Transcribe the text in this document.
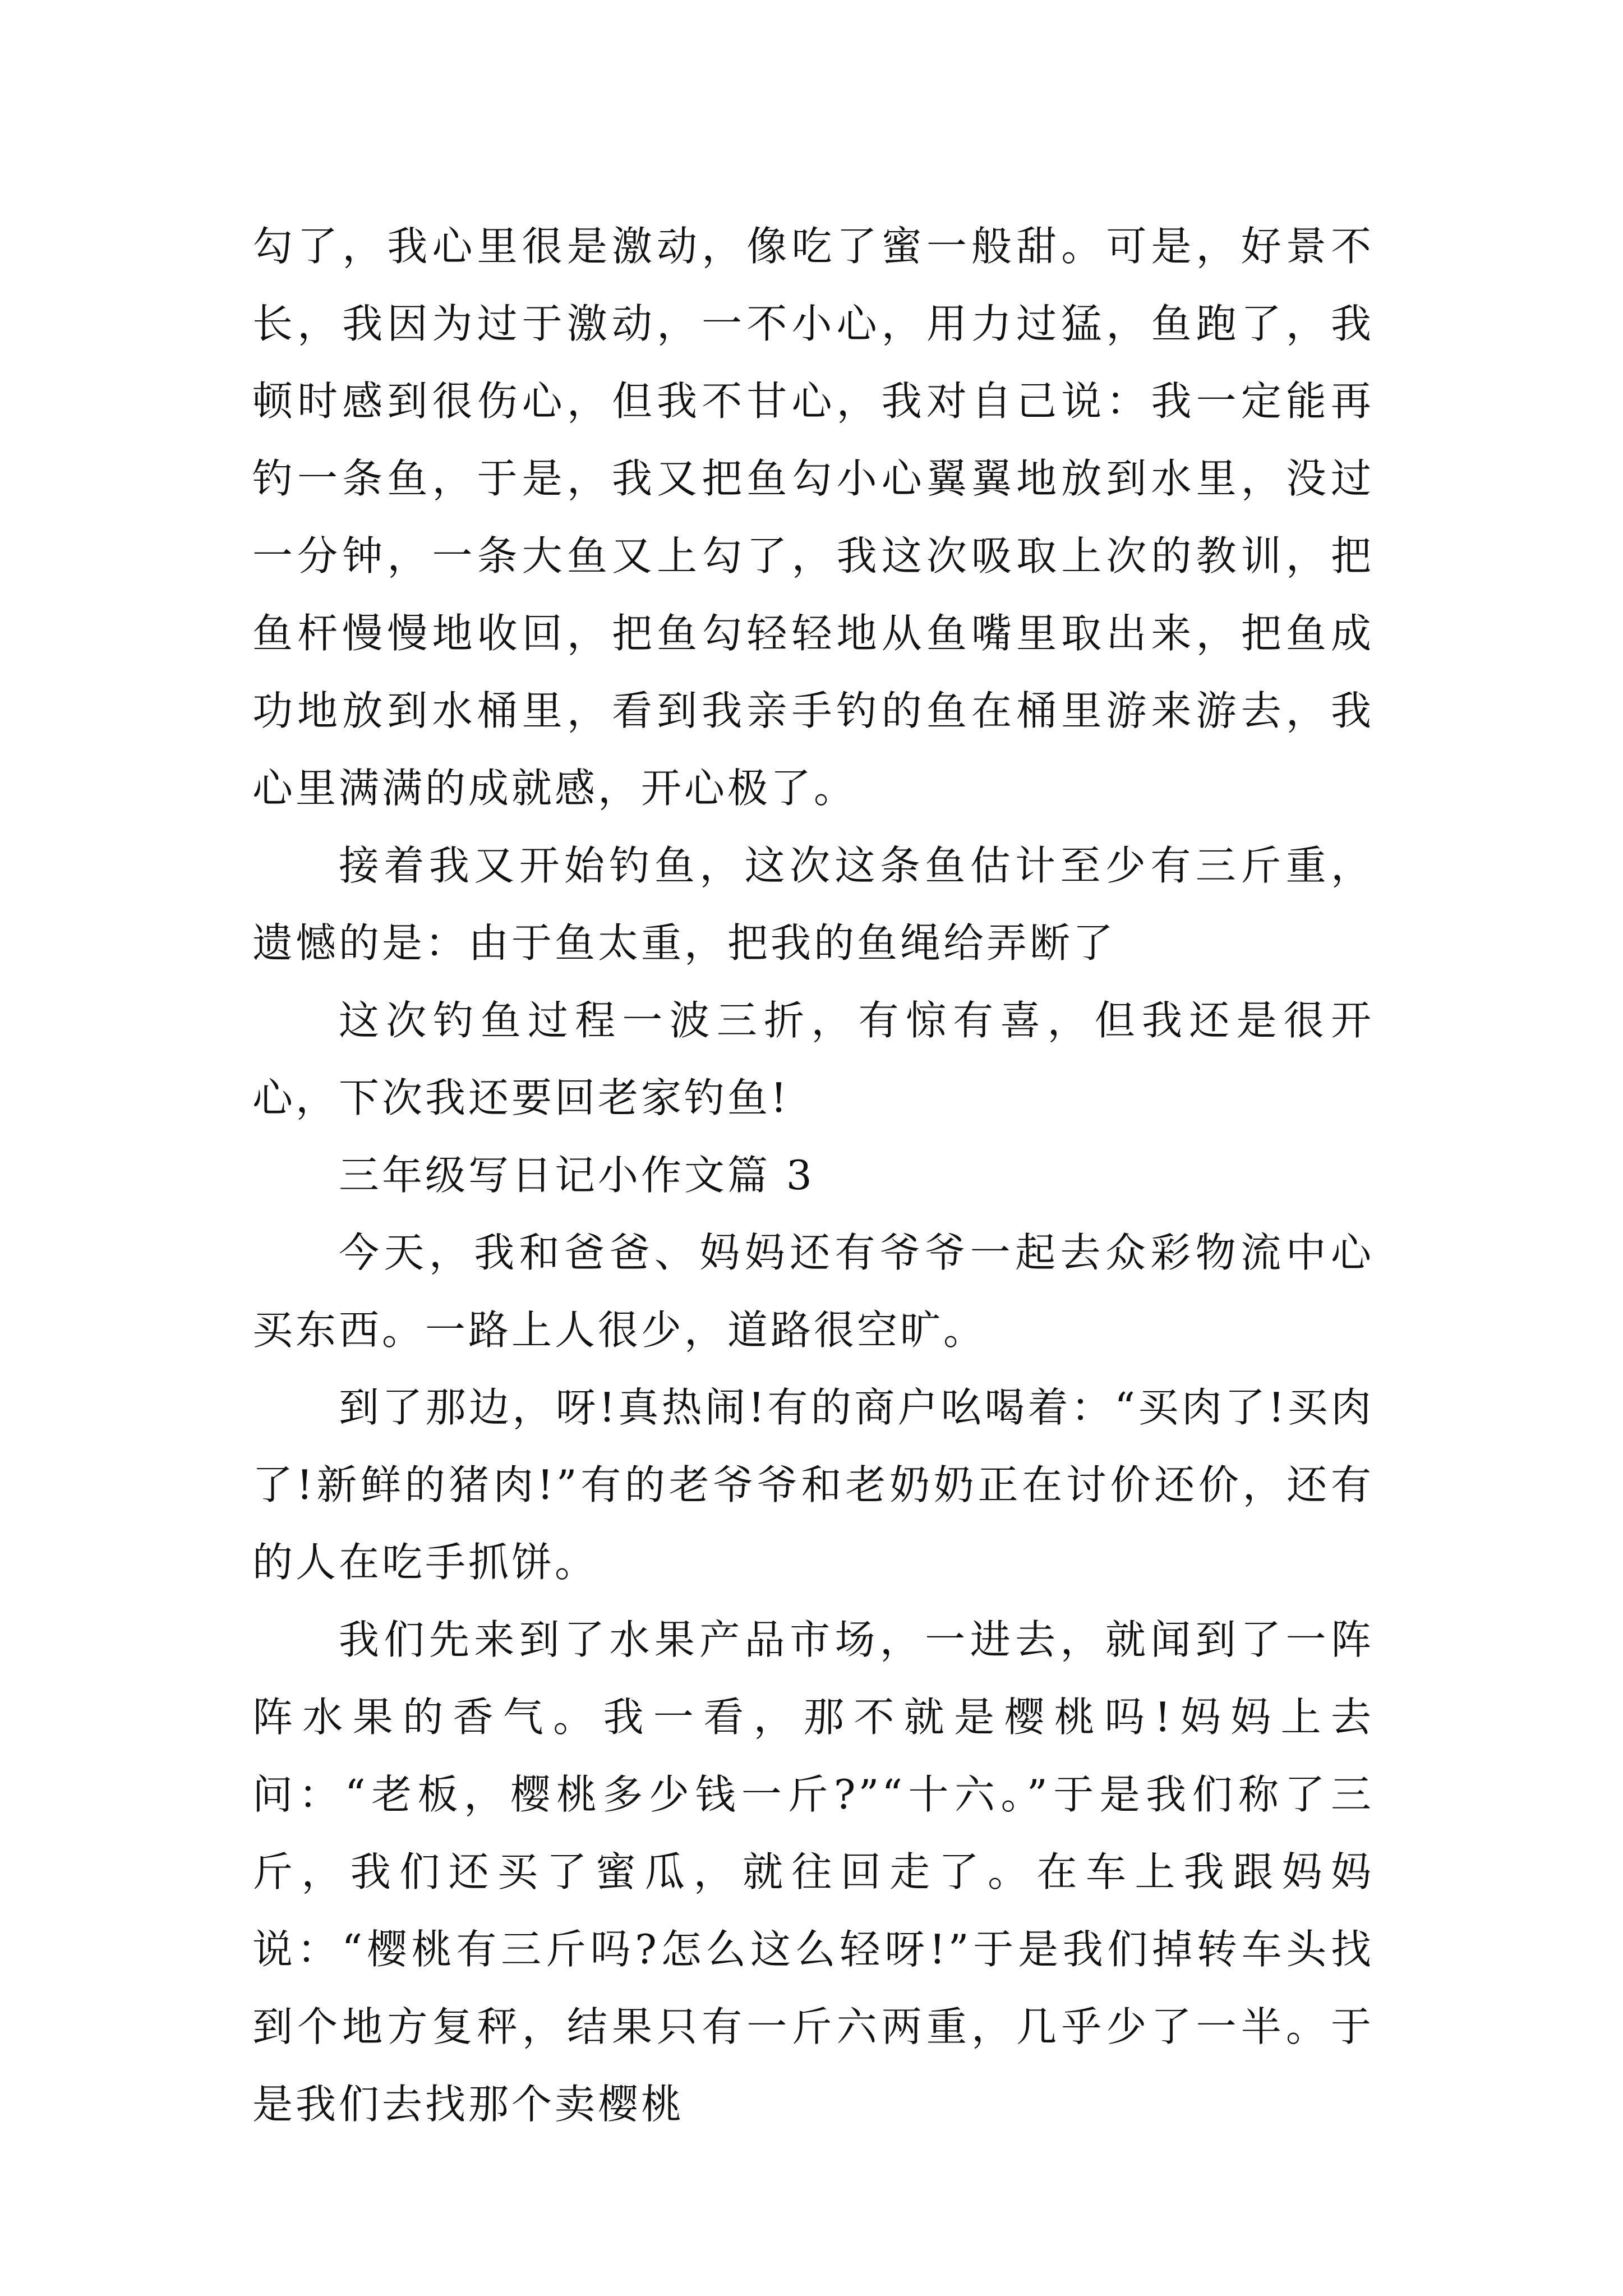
勾了，我心里很是激动，像吃了蜜一般甜。可是，好景不长，我因为过于激动，一不小心，用力过猛，鱼跑了，我顿时感到很伤心，但我不甘心，我对自己说：我一定能再钓一条鱼，于是，我又把鱼勾小心翼翼地放到水里，没过一分钟，一条大鱼又上勾了，我这次吸取上次的教训，把鱼杆慢慢地收回，把鱼勾轻轻地从鱼嘴里取出来，把鱼成功地放到水桶里，看到我亲手钓的鱼在桶里游来游去，我心里满满的成就感，开心极了。

接着我又开始钓鱼，这次这条鱼估计至少有三斤重，遗憾的是：由于鱼太重，把我的鱼绳给弄断了

这次钓鱼过程一波三折，有惊有喜，但我还是很开心，下次我还要回老家钓鱼!

三年级写日记小作文篇 3

今天，我和爸爸、妈妈还有爷爷一起去众彩物流中心买东西。一路上人很少，道路很空旷。

到了那边，呀!真热闹!有的商户吆喝着：“买肉了!买肉了!新鲜的猪肉!”有的老爷爷和老奶奶正在讨价还价，还有的人在吃手抓饼。

我们先来到了水果产品市场，一进去，就闻到了一阵阵水果的香气。我一看，那不就是樱桃吗!妈妈上去问：“老板，樱桃多少钱一斤?”“十六。”于是我们称了三斤，我们还买了蜜瓜，就往回走了。在车上我跟妈妈说：“樱桃有三斤吗?怎么这么轻呀!”于是我们掉转车头找到个地方复秤，结果只有一斤六两重，几乎少了一半。于是我们去找那个卖樱桃
